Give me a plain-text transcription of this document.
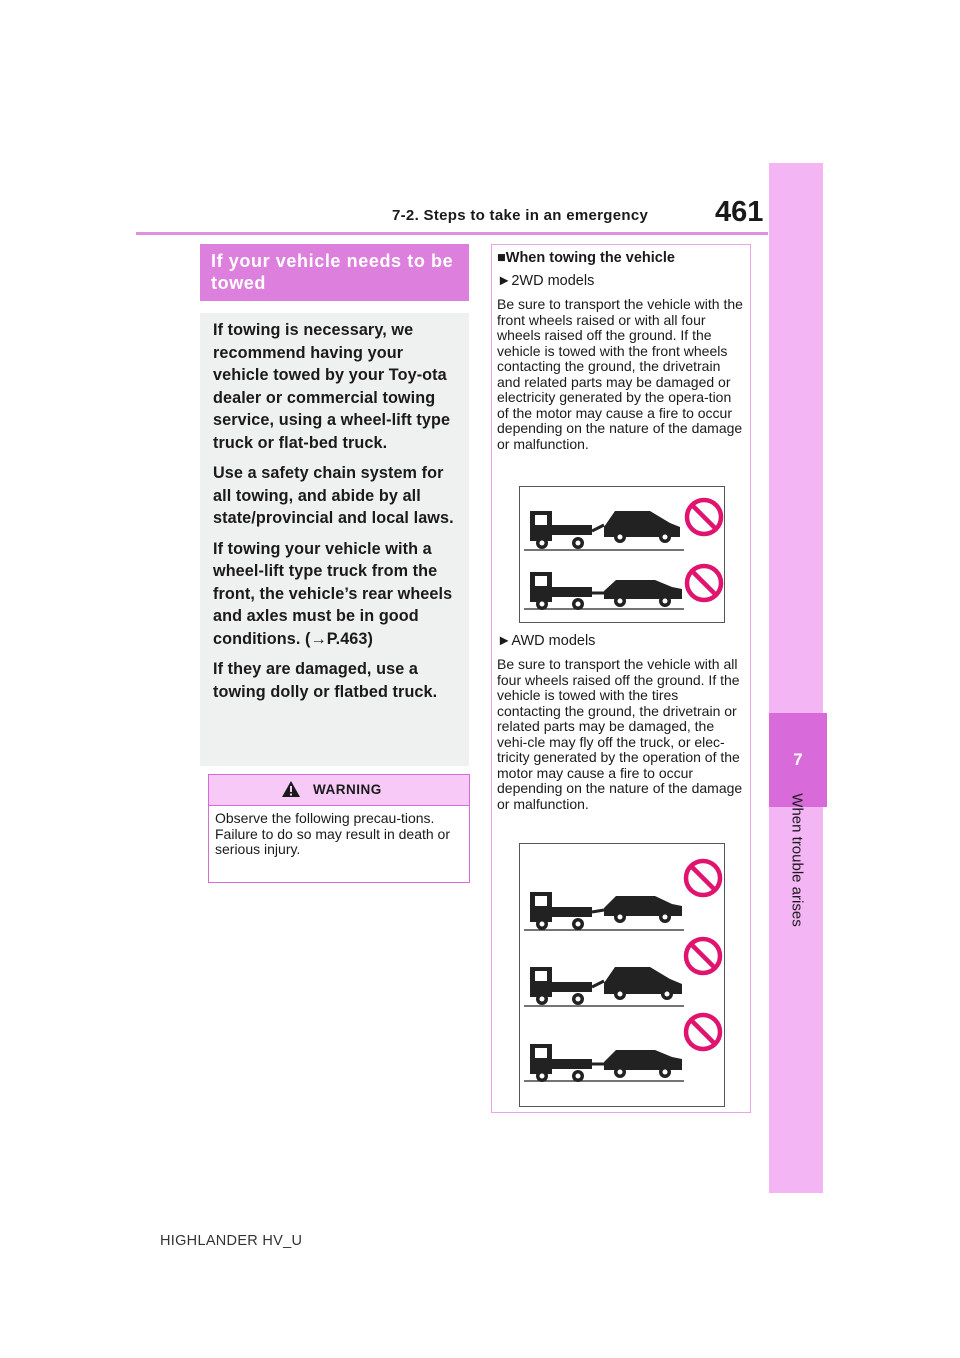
7-2. Steps to take in an emergency 461
7
When trouble arises
If your vehicle needs to be towed

If towing is necessary, we recommend having your vehicle towed by your Toy-ota dealer or commercial towing service, using a wheel-lift type truck or flat-bed truck.

Use a safety chain system for all towing, and abide by all state/provincial and local laws.

If towing your vehicle with a wheel-lift type truck from the front, the vehicle’s rear wheels and axles must be in good conditions. (→P.463)

If they are damaged, use a towing dolly or flatbed truck.

WARNING
Observe the following precau-tions. Failure to do so may result in death or serious injury.
■When towing the vehicle
►2WD models
Be sure to transport the vehicle with the front wheels raised or with all four wheels raised off the ground. If the vehicle is towed with the front wheels contacting the ground, the drivetrain and related parts may be damaged or electricity generated by the opera-tion of the motor may cause a fire to occur depending on the nature of the damage or malfunction.
►AWD models
Be sure to transport the vehicle with all four wheels raised off the ground. If the vehicle is towed with the tires contacting the ground, the drivetrain or related parts may be damaged, the vehi-cle may fly off the truck, or elec-tricity generated by the operation of the motor may cause a fire to occur depending on the nature of the damage or malfunction.
HIGHLANDER HV_U
